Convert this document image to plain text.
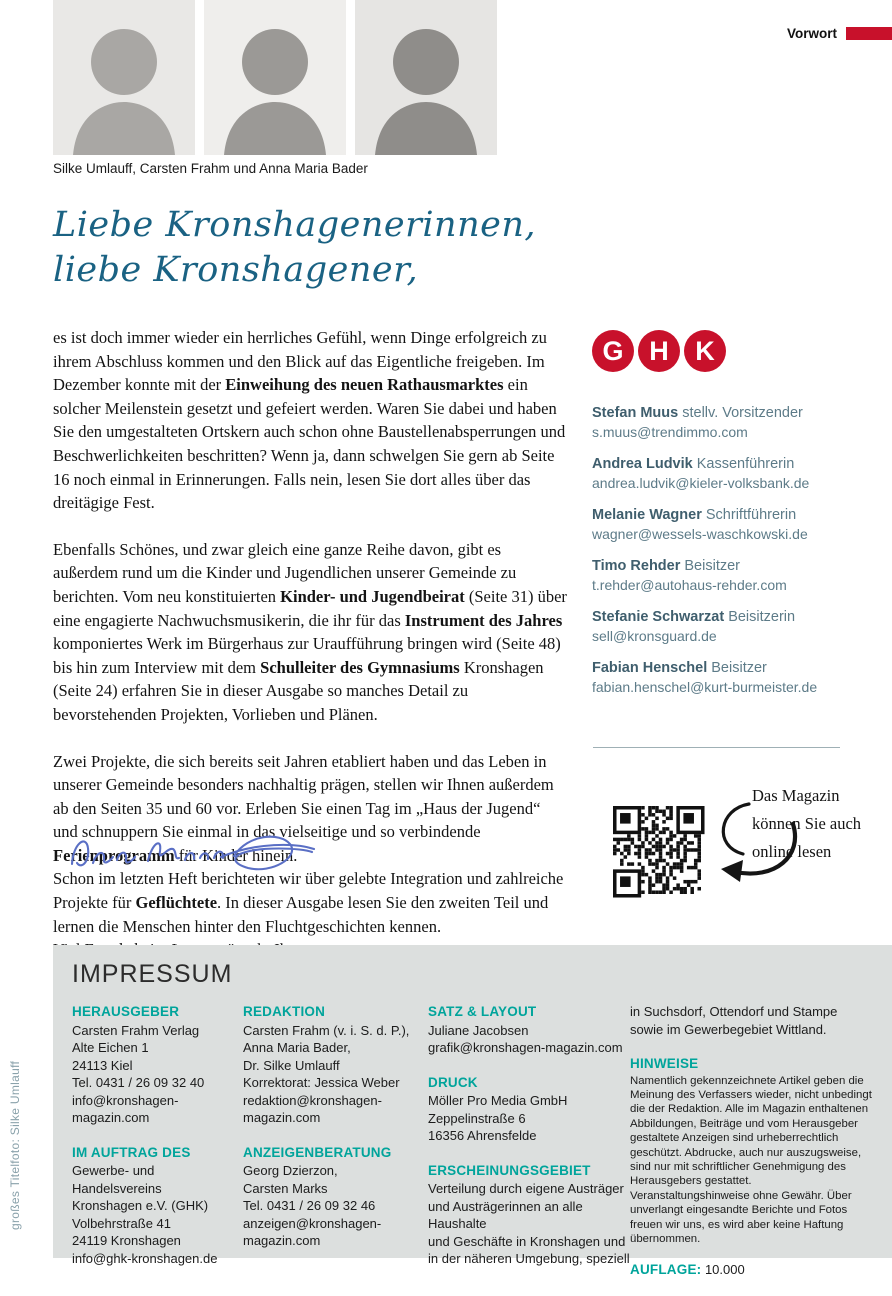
Silke Umlauff, Carsten Frahm und Anna Maria Bader
Vorwort
Liebe Kronshagenerinnen,
liebe Kronshagener,

es ist doch immer wieder ein herrliches Gefühl, wenn Dinge erfolgreich zu ihrem Abschluss kommen und den Blick auf das Eigentliche freigeben. Im Dezember konnte mit der Einweihung des neuen Rathausmarktes ein solcher Meilenstein gesetzt und gefeiert werden. Waren Sie dabei und haben Sie den umgestalteten Ortskern auch schon ohne Baustellenabsperrungen und Beschwerlichkeiten beschritten? Wenn ja, dann schwelgen Sie gern ab Seite 16 noch einmal in Erinnerungen. Falls nein, lesen Sie dort alles über das dreitägige Fest.

Ebenfalls Schönes, und zwar gleich eine ganze Reihe davon, gibt es außerdem rund um die Kinder und Jugendlichen unserer Gemeinde zu berichten. Vom neu konstituierten Kinder- und Jugendbeirat (Seite 31) über eine engagierte Nachwuchsmusikerin, die ihr für das Instrument des Jahres komponiertes Werk im Bürgerhaus zur Uraufführung bringen wird (Seite 48) bis hin zum Interview mit dem Schulleiter des Gymnasiums Kronshagen (Seite 24) erfahren Sie in dieser Ausgabe so manches Detail zu bevorstehenden Projekten, Vorlieben und Plänen.

Zwei Projekte, die sich bereits seit Jahren etabliert haben und das Leben in unserer Gemeinde besonders nachhaltig prägen, stellen wir Ihnen außerdem ab den Seiten 35 und 60 vor. Erleben Sie einen Tag im „Haus der Jugend“ und schnuppern Sie einmal in das vielseitige und so verbindende Ferienprogramm für Kinder hinein.

Schon im letzten Heft berichteten wir über gelebte Integration und zahlreiche Projekte für Geflüchtete. In dieser Ausgabe lesen Sie den zweiten Teil und lernen die Menschen hinter den Fluchtgeschichten kennen.

G H K
Stefan Muus stellv. Vorsitzender
s.muus@trendimmo.com
Andrea Ludvik Kassenführerin
andrea.ludvik@kieler-volksbank.de
Melanie Wagner Schriftführerin
wagner@wessels-waschkowski.de
Timo Rehder Beisitzer
t.rehder@autohaus-rehder.com
Stefanie Schwarzat Beisitzerin
sell@kronsguard.de
Fabian Henschel Beisitzer
fabian.henschel@kurt-burmeister.de
Das Magazin können Sie auch online lesen
IMPRESSUM
HERAUSGEBER
Carsten Frahm Verlag
Alte Eichen 1
24113 Kiel
Tel. 0431 / 26 09 32 40
info@kronshagen-magazin.com
IM AUFTRAG DES
Gewerbe- und Handelsvereins
Kronshagen e.V. (GHK)
Volbehrstraße 41
24119 Kronshagen
info@ghk-kronshagen.de
REDAKTION
Carsten Frahm (v. i. S. d. P.),
Anna Maria Bader,
Dr. Silke Umlauff
Korrektorat: Jessica Weber
redaktion@kronshagen-
magazin.com
ANZEIGENBERATUNG
Georg Dzierzon,
Carsten Marks
Tel. 0431 / 26 09 32 46
anzeigen@kronshagen-
magazin.com
SATZ & LAYOUT
Juliane Jacobsen
grafik@kronshagen-magazin.com
DRUCK
Möller Pro Media GmbH
Zeppelinstraße 6
16356 Ahrensfelde
ERSCHEINUNGSGEBIET
Verteilung durch eigene Austräger
und Austrägerinnen an alle Haushalte
und Geschäfte in Kronshagen und
in der näheren Umgebung, speziell
in Suchsdorf, Ottendorf und Stampe
sowie im Gewerbegebiet Wittland.
HINWEISE
Namentlich gekennzeichnete Artikel geben die Meinung des Verfassers wieder, nicht unbedingt die der Redaktion. Alle im Magazin enthaltenen Abbildungen, Beiträge und vom Herausgeber gestaltete Anzeigen sind urheberrechtlich geschützt. Abdrucke, auch nur auszugsweise, sind nur mit schriftlicher Genehmigung des Herausgebers gestattet. Veranstaltungshinweise ohne Gewähr. Über unverlangt eingesandte Berichte und Fotos freuen wir uns, es wird aber keine Haftung übernommen.
AUFLAGE: 10.000
großes Titelfoto: Silke Umlauff
